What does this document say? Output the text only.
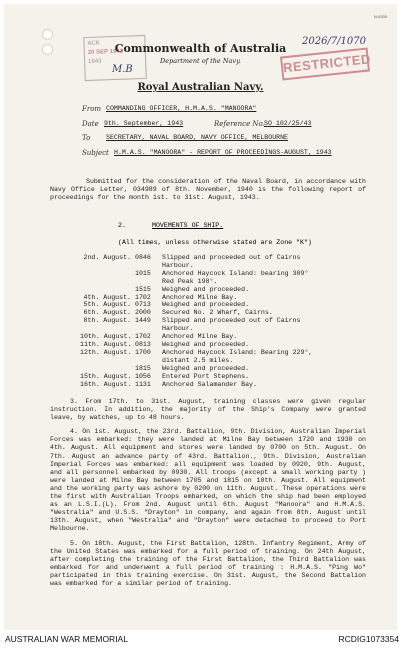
N-6200
ACK
20 SEP 1943
1943
M.B
2026/7/1070
RESTRICTED
Commonwealth of Australia
Department of the Navy.
Royal Australian Navy.
From COMMANDING OFFICER, H.M.A.S. "MANOORA"
Date 9th. September, 1943	Reference No. SO 102/25/43
To SECRETARY, NAVAL BOARD, NAVY OFFICE, MELBOURNE
Subject H.M.A.S. "MANOORA" - REPORT OF PROCEEDINGS-AUGUST, 1943

Submitted for the consideration of the Naval Board, in accordance with Navy Office Letter, 034989 of 8th. November, 1940 is the following report of proceedings for the month 1st. to 31st. August, 1943.

2.	MOVEMENTS OF SHIP.
(All times, unless otherwise stated are Zone "K")
2nd. August. 0846	Slipped and proceeded out of Cairns
Harbour.
1015	Anchored Haycock Island: bearing 309°
Red Peak 198°.
1515	Weighed and proceeded.
4th. August. 1702	Anchored Milne Bay.
5th. August. 0713	Weighed and proceeded.
6th. August. 2000	Secured No. 2 Wharf, Cairns.
8th. August. 1449	Slipped and proceeded out of Cairns
Harbour.
10th. August. 1702	Anchored Milne Bay.
11th. August. 0813	Weighed and proceeded.
12th. August. 1700	Anchored Haycock Island: Bearing 229°,
distant 2.5 miles.
1815	Weighed and proceeded.
15th. August. 1056	Entered Port Stephens.
16th. August. 1131	Anchored Salamander Bay.

3. From 17th. to 31st. August, training classes were given regular instruction. In addition, the majority of the Ship's Company were granted leave, by watches, up to 48 hours.

4. On 1st. August, the 23rd. Battalion, 9th. Division, Australian Imperial Forces was embarked: they were landed at Milne Bay between 1720 and 1930 on 4th. August. All equipment and stores were landed by 0700 on 5th. August. On 7th. August an advance party of 43rd. Battalion., 9th. Division, Australian Imperial Forces was embarked: all equipment was loaded by 0920, 9th. August, and all personnel embarked by 0930. All troops (except a small working party ) were landed at Milne Bay between 1705 and 1815 on 10th. August. All equipment and the working party was ashore by 0200 on 11th. August. These operations were the first with Australian Troops embarked, on which the ship had been employed as an L.S.I.(L). From 2nd. August until 6th. August "Manoora" and H.M.A.S. "Westralia" and U.S.S. "Drayton" in company, and again from 8th. August until 13th. August, when "Westralia" and "Drayton" were detached to proceed to Port Melbourne.

5. On 18th. August, the First Battalion, 128th. Infantry Regiment, Army of the United States was embarked for a full period of training. On 24th August, after completing the training of the First Battalion, the Third Battalion was embarked for and underwent a full period of training : H.M.A.S. "Ping Wo" participated in this training exercise. On 31st. August, the Second Battalion was embarked for a similar period of training.

AUSTRALIAN WAR MEMORIAL	RCDIG1073354
